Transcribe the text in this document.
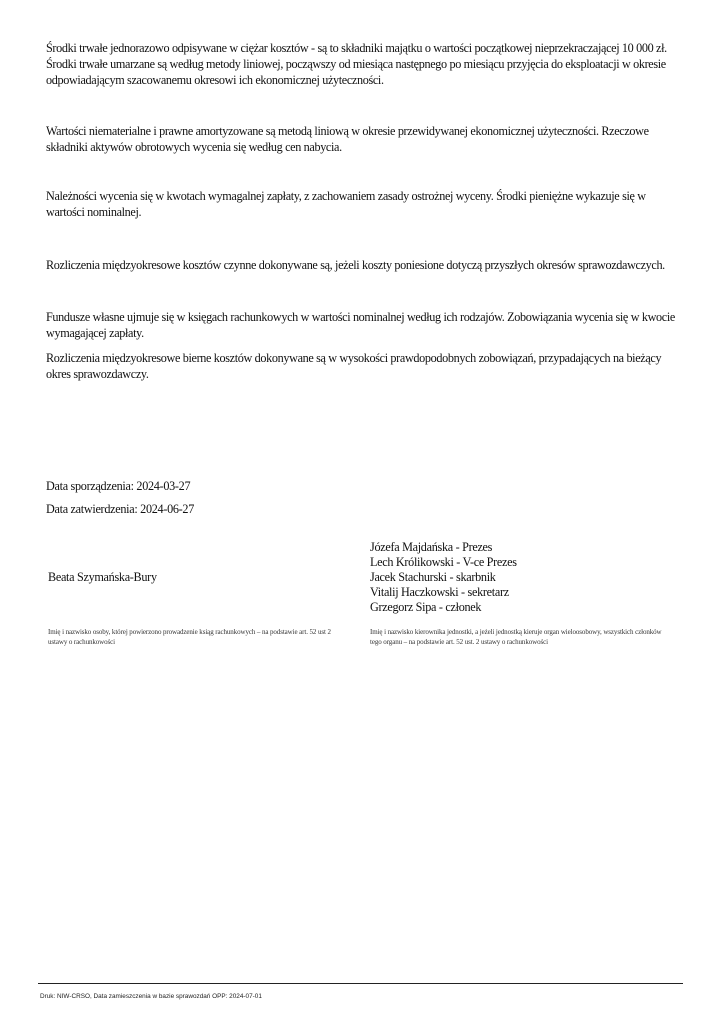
Środki trwałe jednorazowo odpisywane w ciężar kosztów - są to składniki majątku o wartości początkowej nieprzekraczającej 10 000 zł. Środki trwałe umarzane są według metody liniowej, począwszy od miesiąca następnego po miesiącu przyjęcia do eksploatacji w okresie odpowiadającym szacowanemu okresowi ich ekonomicznej użyteczności.

Wartości niematerialne i prawne amortyzowane są metodą liniową w okresie przewidywanej ekonomicznej użyteczności. Rzeczowe składniki aktywów obrotowych wycenia się według cen nabycia.

Należności wycenia się w kwotach wymagalnej zapłaty, z zachowaniem zasady ostrożnej wyceny. Środki pieniężne wykazuje się w wartości nominalnej.

Rozliczenia międzyokresowe kosztów czynne dokonywane są, jeżeli koszty poniesione dotyczą przyszłych okresów sprawozdawczych.

Fundusze własne ujmuje się w księgach rachunkowych w wartości nominalnej według ich rodzajów. Zobowiązania wycenia się w kwocie wymagającej zapłaty.

Rozliczenia międzyokresowe bierne kosztów dokonywane są w wysokości prawdopodobnych zobowiązań, przypadających na bieżący okres sprawozdawczy.

Data sporządzenia: 2024-03-27
Data zatwierdzenia: 2024-06-27
Beata Szymańska-Bury
Józefa Majdańska - Prezes
Lech Królikowski - V-ce Prezes
Jacek Stachurski - skarbnik
Vitalij Haczkowski - sekretarz
Grzegorz Sipa - członek
Imię i nazwisko osoby, której powierzono prowadzenie ksiąg rachunkowych – na podstawie art. 52 ust 2 ustawy o rachunkowości
Imię i nazwisko kierownika jednostki, a jeżeli jednostką kieruje organ wieloosobowy, wszystkich członków tego organu – na podstawie art. 52 ust. 2 ustawy o rachunkowości
Druk: NIW-CRSO, Data zamieszczenia w bazie sprawozdań OPP: 2024-07-01
